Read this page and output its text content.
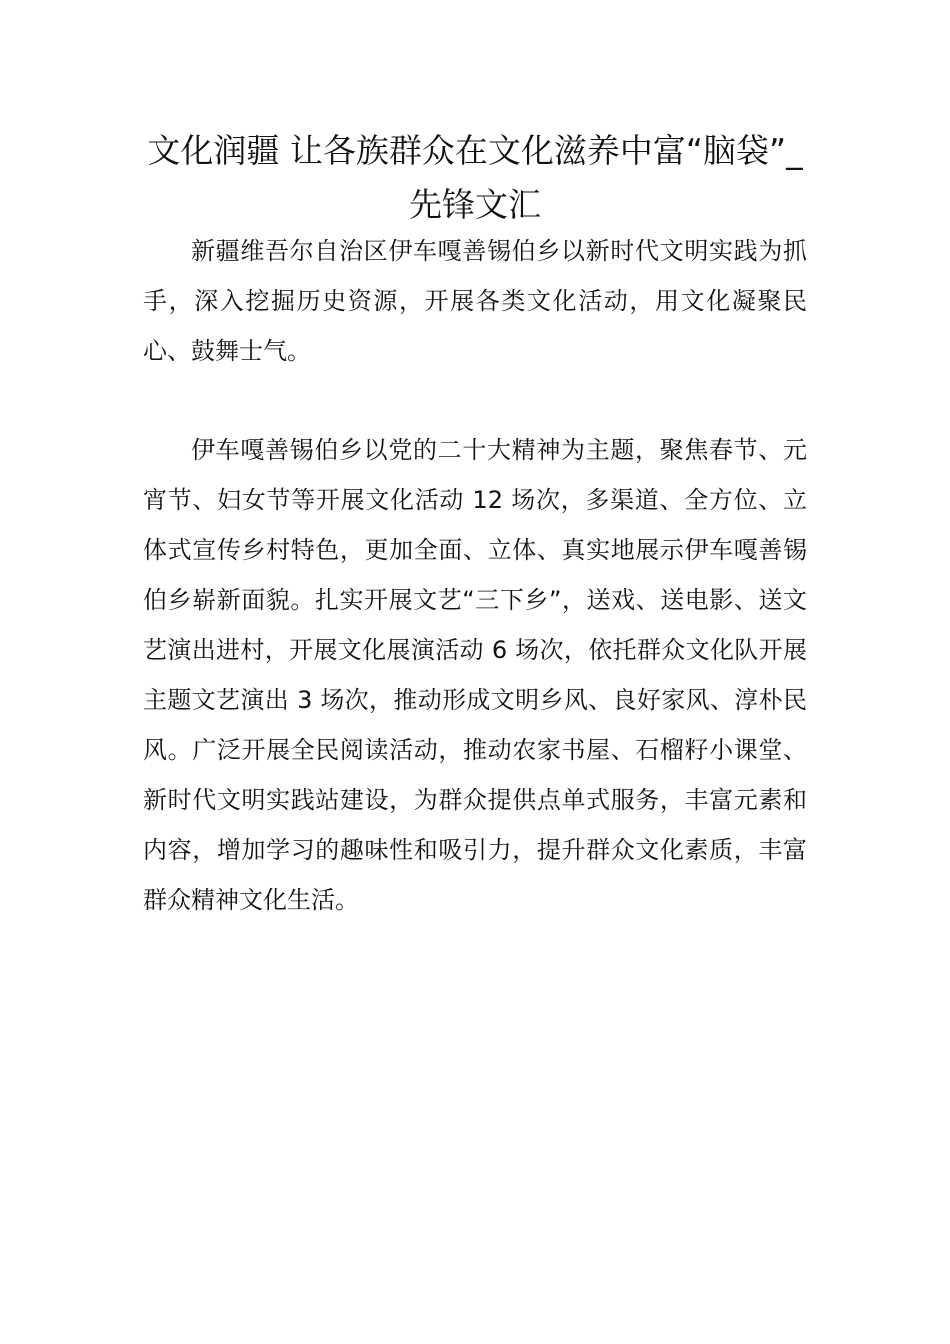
文化润疆 让各族群众在文化滋养中富“脑袋”_先锋文汇

新疆维吾尔自治区伊车嘎善锡伯乡以新时代文明实践为抓手，深入挖掘历史资源，开展各类文化活动，用文化凝聚民心、鼓舞士气。

伊车嘎善锡伯乡以党的二十大精神为主题，聚焦春节、元宵节、妇女节等开展文化活动 12 场次，多渠道、全方位、立体式宣传乡村特色，更加全面、立体、真实地展示伊车嘎善锡伯乡崭新面貌。扎实开展文艺“三下乡”，送戏、送电影、送文艺演出进村，开展文化展演活动 6 场次，依托群众文化队开展主题文艺演出 3 场次，推动形成文明乡风、良好家风、淳朴民风。广泛开展全民阅读活动，推动农家书屋、石榴籽小课堂、新时代文明实践站建设，为群众提供点单式服务，丰富元素和内容，增加学习的趣味性和吸引力，提升群众文化素质，丰富群众精神文化生活。
